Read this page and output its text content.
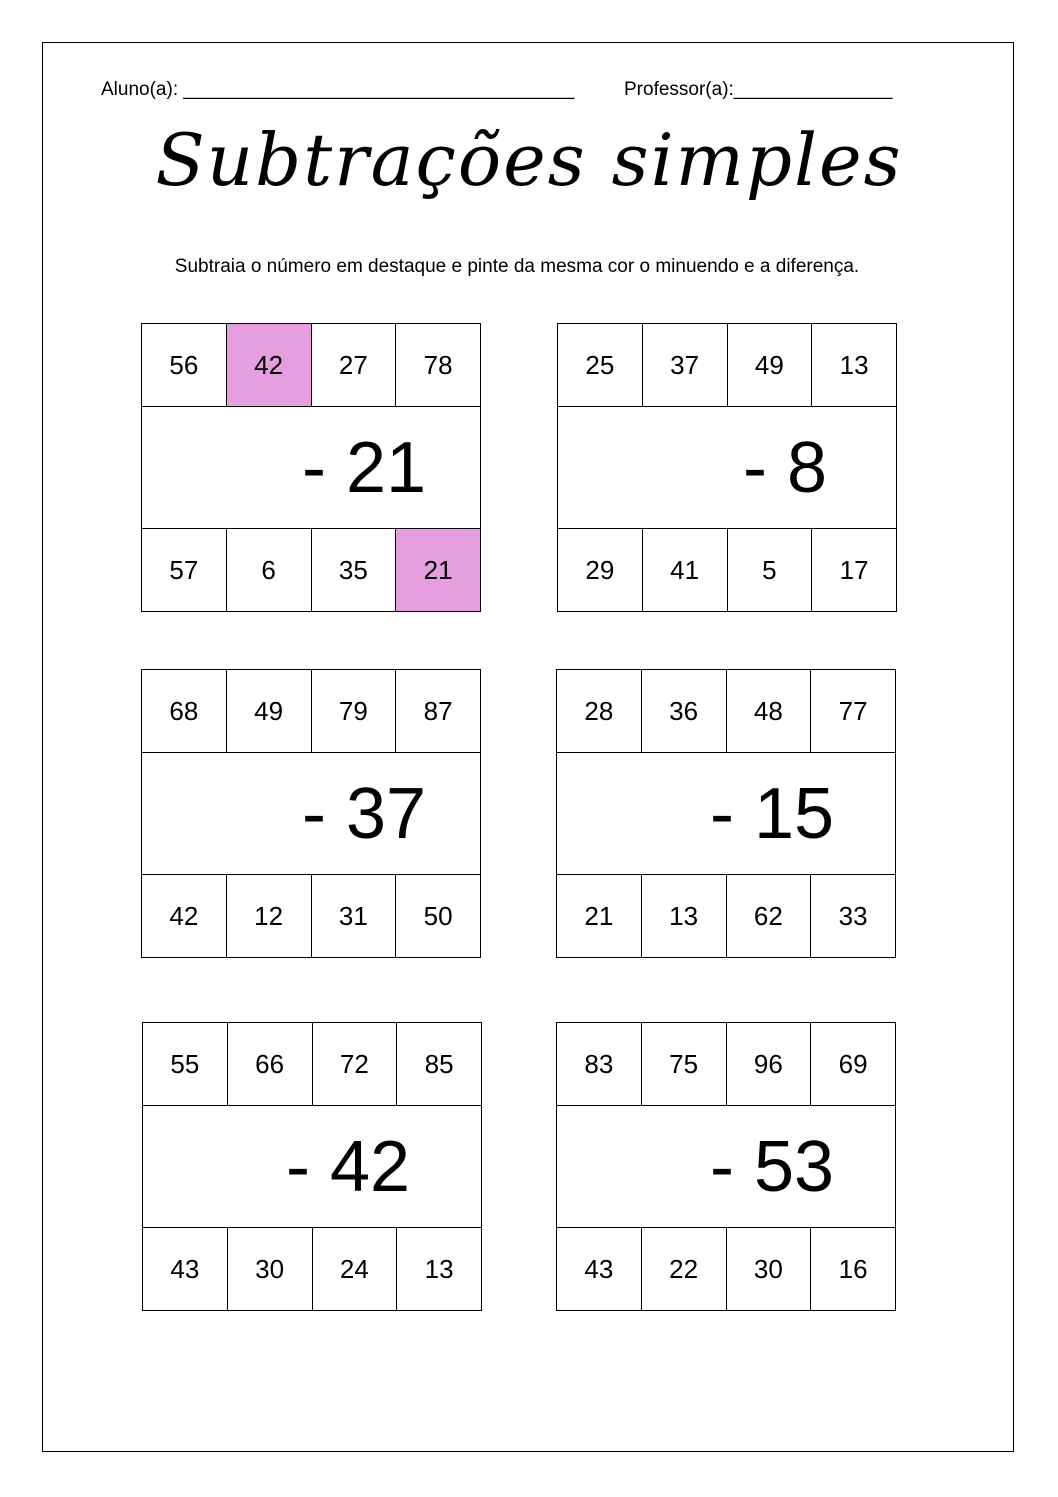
Aluno(a): _____________________________________	Professor(a):_______________
Subtrações simples
Subtraia o número em destaque e pinte da mesma cor o minuendo e a diferença.
56	42	27	78
- 21
57	6	35	21
25	37	49	13
- 8
29	41	5	17
68	49	79	87
- 37
42	12	31	50
28	36	48	77
- 15
21	13	62	33
55	66	72	85
- 42
43	30	24	13
83	75	96	69
- 53
43	22	30	16
